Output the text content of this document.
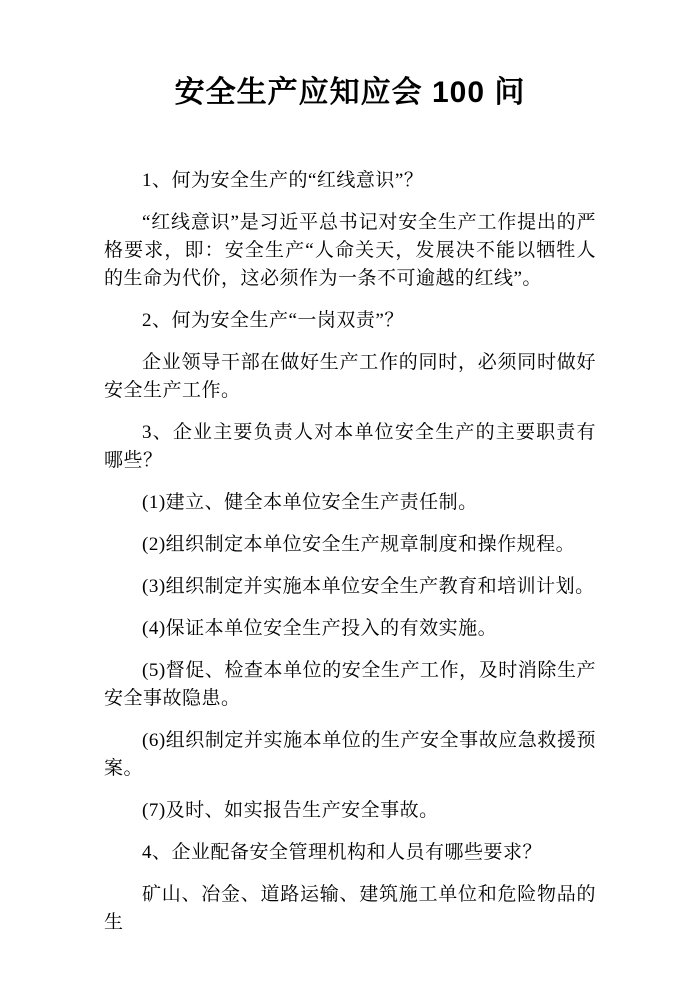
安全生产应知应会 100 问

1、何为安全生产的“红线意识”？

“红线意识”是习近平总书记对安全生产工作提出的严格要求，即：安全生产“人命关天，发展决不能以牺牲人的生命为代价，这必须作为一条不可逾越的红线”。

2、何为安全生产“一岗双责”？

企业领导干部在做好生产工作的同时，必须同时做好安全生产工作。

3、企业主要负责人对本单位安全生产的主要职责有哪些？

(1)建立、健全本单位安全生产责任制。

(2)组织制定本单位安全生产规章制度和操作规程。

(3)组织制定并实施本单位安全生产教育和培训计划。

(4)保证本单位安全生产投入的有效实施。

(5)督促、检查本单位的安全生产工作，及时消除生产安全事故隐患。

(6)组织制定并实施本单位的生产安全事故应急救援预案。

(7)及时、如实报告生产安全事故。

4、企业配备安全管理机构和人员有哪些要求？

矿山、冶金、道路运输、建筑施工单位和危险物品的生
